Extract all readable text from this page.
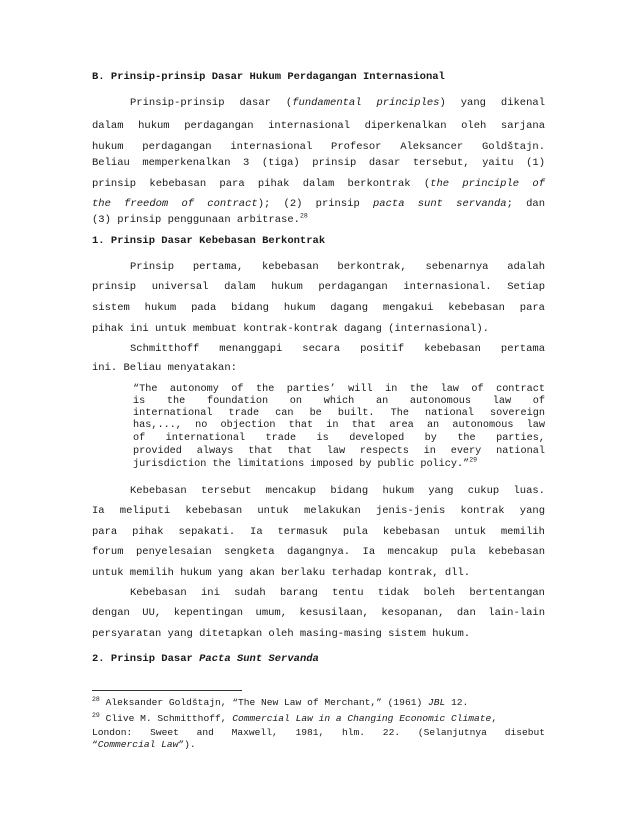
B. Prinsip-prinsip Dasar Hukum Perdagangan Internasional
Prinsip-prinsip dasar (fundamental principles) yang dikenal
dalam hukum perdagangan internasional diperkenalkan oleh sarjana
hukum perdagangan internasional Profesor Aleksancer Goldštajn.
Beliau memperkenalkan 3 (tiga) prinsip dasar tersebut, yaitu (1)
prinsip kebebasan para pihak dalam berkontrak (the principle of
the freedom of contract); (2) prinsip pacta sunt servanda; dan
(3) prinsip penggunaan arbitrase.$^{28}$
1. Prinsip Dasar Kebebasan Berkontrak
Prinsip pertama, kebebasan berkontrak, sebenarnya adalah
prinsip universal dalam hukum perdagangan internasional. Setiap
sistem hukum pada bidang hukum dagang mengakui kebebasan para
pihak ini untuk membuat kontrak-kontrak dagang (internasional).
Schmitthoff menanggapi secara positif kebebasan pertama
ini. Beliau menyatakan:
“The autonomy of the parties’ will in the law of contract
is the foundation on which an autonomous law of
international trade can be built. The national sovereign
has,..., no objection that in that area an autonomous law
of international trade is developed by the parties,
provided always that that law respects in every national
jurisdiction the limitations imposed by public policy.”$^{29}$
Kebebasan tersebut mencakup bidang hukum yang cukup luas.
Ia meliputi kebebasan untuk melakukan jenis-jenis kontrak yang
para pihak sepakati. Ia termasuk pula kebebasan untuk memilih
forum penyelesaian sengketa dagangnya. Ia mencakup pula kebebasan
untuk memilih hukum yang akan berlaku terhadap kontrak, dll.
Kebebasan ini sudah barang tentu tidak boleh bertentangan
dengan UU, kepentingan umum, kesusilaan, kesopanan, dan lain-lain
persyaratan yang ditetapkan oleh masing-masing sistem hukum.
2. Prinsip Dasar Pacta Sunt Servanda
$^{28}$ Aleksander Goldštajn, “The New Law of Merchant,” (1961) JBL 12.
$^{29}$ Clive M. Schmitthoff, Commercial Law in a Changing Economic Climate,
London: Sweet and Maxwell, 1981, hlm. 22. (Selanjutnya disebut
“Commercial Law”).
